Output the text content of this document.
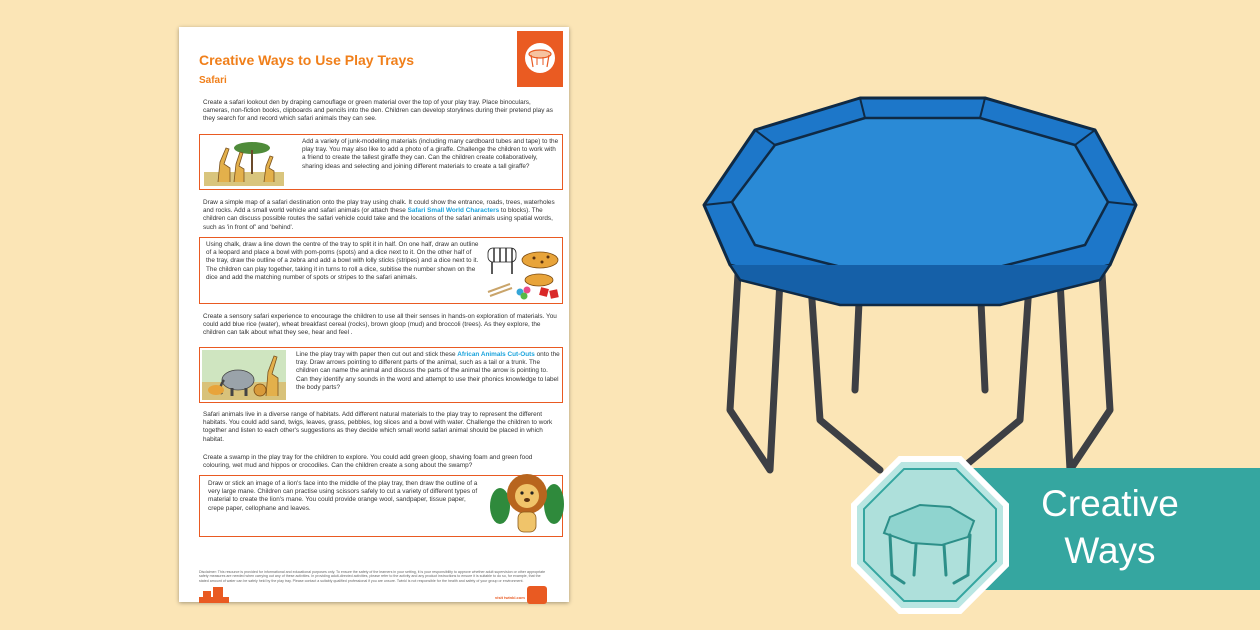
Creative Ways to Use Play Trays
Safari
Create a safari lookout den by draping camouflage or green material over the top of your play tray. Place binoculars, cameras, non-fiction books, clipboards and pencils into the den. Children can develop storylines during their pretend play as they search for and record which safari animals they can see.
Add a variety of junk-modelling materials (including many cardboard tubes and tape) to the play tray. You may also like to add a photo of a giraffe. Challenge the children to work with a friend to create the tallest giraffe they can. Can the children create collaboratively, sharing ideas and selecting and joining different materials to create a tall giraffe?
Draw a simple map of a safari destination onto the play tray using chalk. It could show the entrance, roads, trees, waterholes and rocks. Add a small world vehicle and safari animals (or attach these Safari Small World Characters to blocks). The children can discuss possible routes the safari vehicle could take and the locations of the safari animals using spatial words, such as 'in front of' and 'behind'.
Using chalk, draw a line down the centre of the tray to split it in half. On one half, draw an outline of a leopard and place a bowl with pom-poms (spots) and a dice next to it. On the other half of the tray, draw the outline of a zebra and add a bowl with lolly sticks (stripes) and a dice next to it. The children can play together, taking it in turns to roll a dice, subitise the number shown on the dice and add the matching number of spots or stripes to the safari animals.
Create a sensory safari experience to encourage the children to use all their senses in hands-on exploration of materials. You could add blue rice (water), wheat breakfast cereal (rocks), brown gloop (mud) and broccoli (trees). As they explore, the children can talk about what they see, hear and feel .
Line the play tray with paper then cut out and stick these African Animals Cut-Outs onto the tray. Draw arrows pointing to different parts of the animal, such as a tail or a trunk. The children can name the animal and discuss the parts of the animal the arrow is pointing to. Can they identify any sounds in the word and attempt to use their phonics knowledge to label the body parts?
Safari animals live in a diverse range of habitats. Add different natural materials to the play tray to represent the different habitats. You could add sand, twigs, leaves, grass, pebbles, log slices and a bowl with water. Challenge the children to work together and listen to each other's suggestions as they decide which small world safari animal should be placed in which habitat.
Create a swamp in the play tray for the children to explore. You could add green gloop, shaving foam and green food colouring, wet mud and hippos or crocodiles. Can the children create a song about the swamp?
Draw or stick an image of a lion's face into the middle of the play tray, then draw the outline of a very large mane. Children can practise using scissors safely to cut a variety of different types of material to create the lion's mane. You could provide orange wool, sandpaper, tissue paper, crepe paper, cellophane and leaves.
Disclaimer: This resource is provided for informational and educational purposes only. To ensure the safety of the learners in your setting, it is your responsibility to approve whether adult supervision or other appropriate safety measures are needed when carrying out any of these activities. In providing adult-directed activities, please refer to the activity and any product instructions to ensure it is suitable to do so, for example, that the stated amount of water can be safely held by the play tray. Please contact a suitably qualified professional if you are unsure. Twinkl is not responsible for the health and safety of your group or environment.
visit twinkl.com
Creative
Ways
